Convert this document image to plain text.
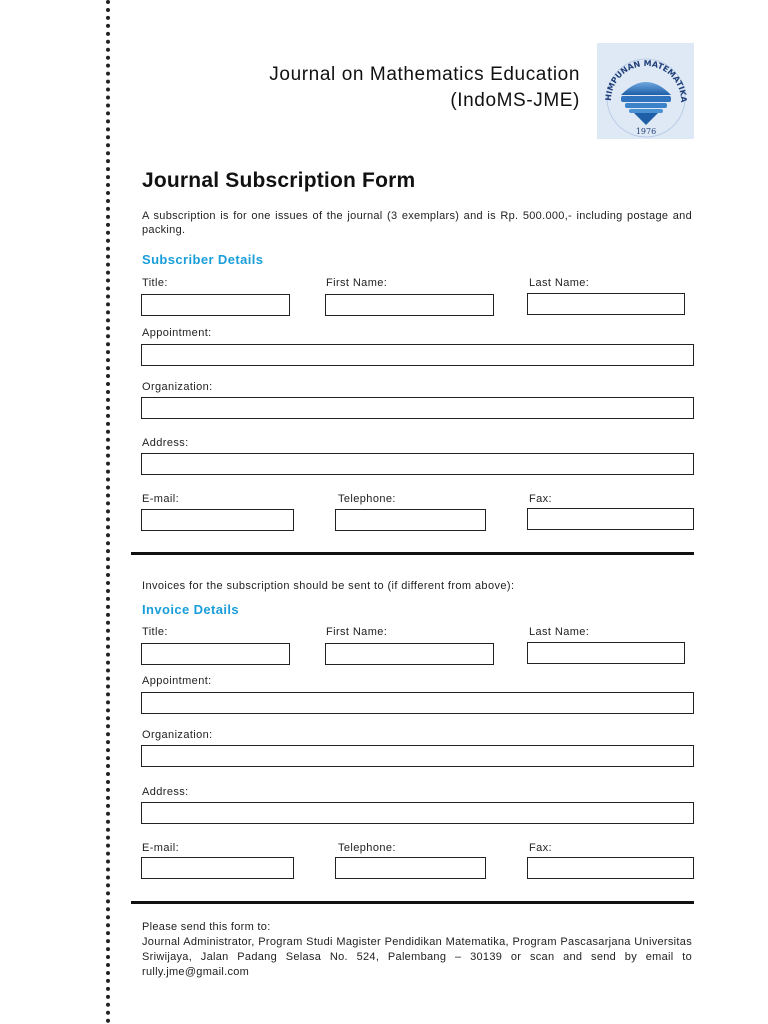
Journal on Mathematics Education
(IndoMS-JME)	HIMPUNAN MATEMATIKA
1976
Journal Subscription Form
A subscription is for one issues of the journal (3 exemplars) and is Rp. 500.000,- including postage and packing.
Subscriber Details
Title:	First Name:	Last Name:
Appointment:
Organization:
Address:
E-mail:	Telephone:	Fax:
Invoices for the subscription should be sent to (if different from above):
Invoice Details
Title:	First Name:	Last Name:
Appointment:
Organization:
Address:
E-mail:	Telephone:	Fax:
Please send this form to:
Journal Administrator, Program Studi Magister Pendidikan Matematika, Program Pascasarjana Universitas Sriwijaya, Jalan Padang Selasa No. 524, Palembang – 30139 or scan and send by email to rully.jme@gmail.com
